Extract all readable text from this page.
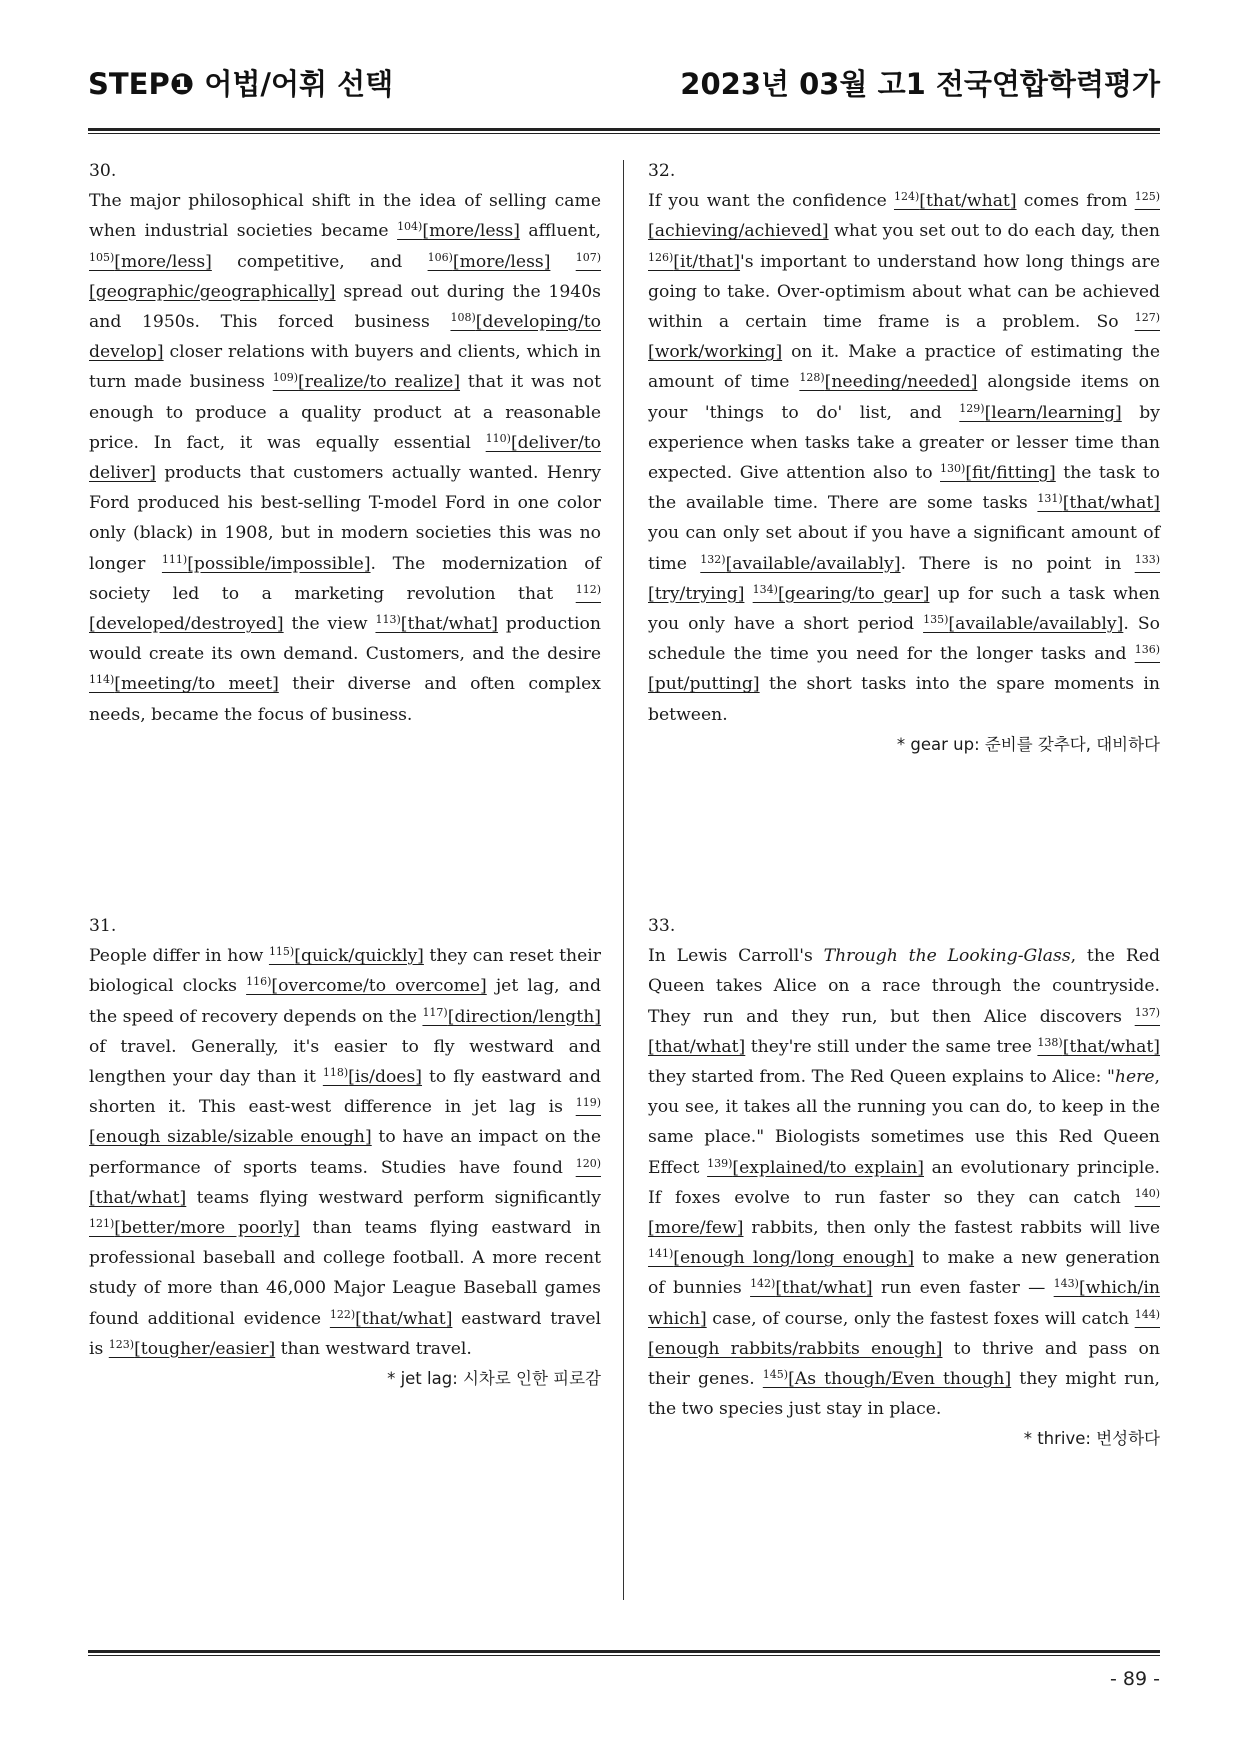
STEP❶ 어법/어휘 선택	2023년 03월 고1 전국연합학력평가
30.
The major philosophical shift in the idea of selling came when industrial societies became $^{104)}$[more/less] affluent, $^{105)}$[more/less] competitive, and $^{106)}$[more/less] $^{107)}$[geographic/geographically] spread out during the 1940s and 1950s. This forced business $^{108)}$[developing/to develop] closer relations with buyers and clients, which in turn made business $^{109)}$[realize/to realize] that it was not enough to produce a quality product at a reasonable price. In fact, it was equally essential $^{110)}$[deliver/to deliver] products that customers actually wanted. Henry Ford produced his best-selling T-model Ford in one color only (black) in 1908, but in modern societies this was no longer $^{111)}$[possible/impossible]. The modernization of society led to a marketing revolution that $^{112)}$[developed/destroyed] the view $^{113)}$[that/what] production would create its own demand. Customers, and the desire $^{114)}$[meeting/to meet] their diverse and often complex needs, became the focus of business.
32.
If you want the confidence $^{124)}$[that/what] comes from $^{125)}$[achieving/achieved] what you set out to do each day, then $^{126)}$[it/that]'s important to understand how long things are going to take. Over-optimism about what can be achieved within a certain time frame is a problem. So $^{127)}$[work/working] on it. Make a practice of estimating the amount of time $^{128)}$[needing/needed] alongside items on your 'things to do' list, and $^{129)}$[learn/learning] by experience when tasks take a greater or lesser time than expected. Give attention also to $^{130)}$[fit/fitting] the task to the available time. There are some tasks $^{131)}$[that/what] you can only set about if you have a significant amount of time $^{132)}$[available/availably]. There is no point in $^{133)}$[try/trying] $^{134)}$[gearing/to gear] up for such a task when you only have a short period $^{135)}$[available/availably]. So schedule the time you need for the longer tasks and $^{136)}$[put/putting] the short tasks into the spare moments in between.
* gear up: 준비를 갖추다, 대비하다
31.
People differ in how $^{115)}$[quick/quickly] they can reset their biological clocks $^{116)}$[overcome/to overcome] jet lag, and the speed of recovery depends on the $^{117)}$[direction/length] of travel. Generally, it's easier to fly westward and lengthen your day than it $^{118)}$[is/does] to fly eastward and shorten it. This east-west difference in jet lag is $^{119)}$[enough sizable/sizable enough] to have an impact on the performance of sports teams. Studies have found $^{120)}$[that/what] teams flying westward perform significantly $^{121)}$[better/more poorly] than teams flying eastward in professional baseball and college football. A more recent study of more than 46,000 Major League Baseball games found additional evidence $^{122)}$[that/what] eastward travel is $^{123)}$[tougher/easier] than westward travel.
* jet lag: 시차로 인한 피로감
33.
In Lewis Carroll's Through the Looking-Glass, the Red Queen takes Alice on a race through the countryside. They run and they run, but then Alice discovers $^{137)}$[that/what] they're still under the same tree $^{138)}$[that/what] they started from. The Red Queen explains to Alice: "here, you see, it takes all the running you can do, to keep in the same place." Biologists sometimes use this Red Queen Effect $^{139)}$[explained/to explain] an evolutionary principle. If foxes evolve to run faster so they can catch $^{140)}$[more/few] rabbits, then only the fastest rabbits will live $^{141)}$[enough long/long enough] to make a new generation of bunnies $^{142)}$[that/what] run even faster — $^{143)}$[which/in which] case, of course, only the fastest foxes will catch $^{144)}$[enough rabbits/rabbits enough] to thrive and pass on their genes. $^{145)}$[As though/Even though] they might run, the two species just stay in place.
* thrive: 번성하다
- 89 -
